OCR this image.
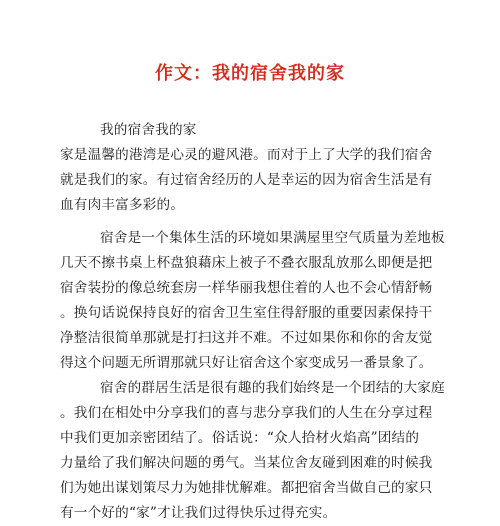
作文：我的宿舍我的家
我的宿舍我的家
家是温馨的港湾是心灵的避风港。而对于上了大学的我们宿舍
就是我们的家。有过宿舍经历的人是幸运的因为宿舍生活是有
血有肉丰富多彩的。
宿舍是一个集体生活的环境如果满屋里空气质量为差地板
几天不擦书桌上杯盘狼藉床上被子不叠衣服乱放那么即便是把
宿舍装扮的像总统套房一样华丽我想住着的人也不会心情舒畅
。换句话说保持良好的宿舍卫生室住得舒服的重要因素保持干
净整洁很简单那就是打扫这并不难。不过如果你和你的舍友觉
得这个问题无所谓那就只好让宿舍这个家变成另一番景象了。
宿舍的群居生活是很有趣的我们始终是一个团结的大家庭
。我们在相处中分享我们的喜与悲分享我们的人生在分享过程
中我们更加亲密团结了。俗话说：“众人拾材火焰高”团结的
力量给了我们解决问题的勇气。当某位舍友碰到困难的时候我
们为她出谋划策尽力为她排忧解难。都把宿舍当做自己的家只
有一个好的“家”才让我们过得快乐过得充实。
